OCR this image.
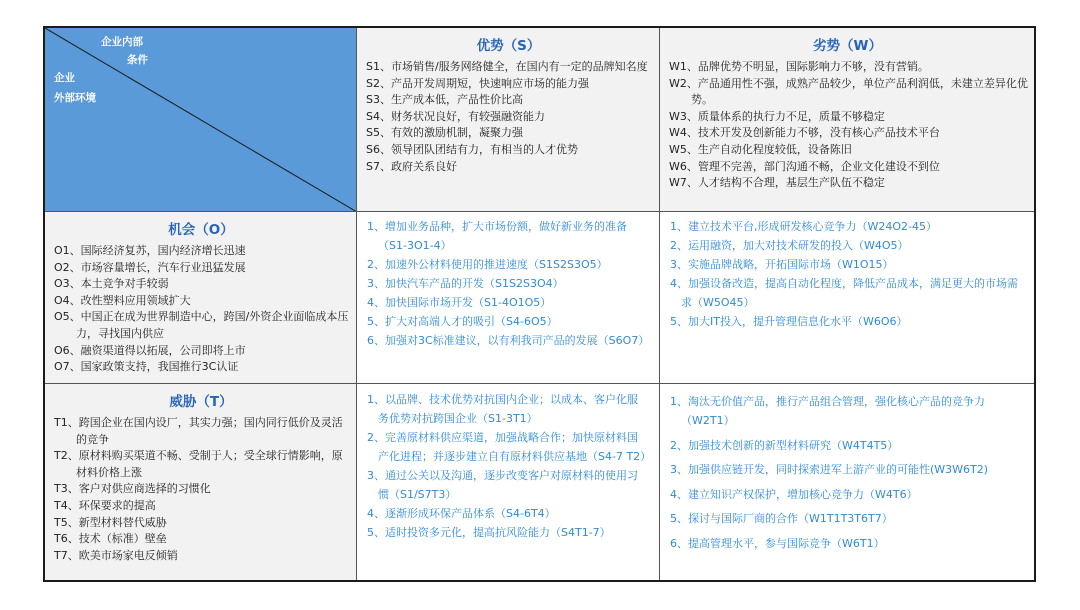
企业内部
条件
企业
外部环境
优势（S）
S1、市场销售/服务网络健全，在国内有一定的品牌知名度
S2、产品开发周期短，快速响应市场的能力强
S3、生产成本低，产品性价比高
S4、财务状况良好，有较强融资能力
S5、有效的激励机制，凝聚力强
S6、领导团队团结有力，有相当的人才优势
S7、政府关系良好
劣势（W）
W1、品牌优势不明显，国际影响力不够，没有营销。
W2、产品通用性不强，成熟产品较少，单位产品利润低，未建立差异化优势。
W3、质量体系的执行力不足，质量不够稳定
W4、技术开发及创新能力不够，没有核心产品技术平台
W5、生产自动化程度较低，设备陈旧
W6、管理不完善，部门沟通不畅，企业文化建设不到位
W7、人才结构不合理，基层生产队伍不稳定
机会（O）
O1、国际经济复苏，国内经济增长迅速
O2、市场容量增长，汽车行业迅猛发展
O3、本土竞争对手较弱
O4、改性塑料应用领域扩大
O5、中国正在成为世界制造中心，跨国/外资企业面临成本压力，寻找国内供应
O6、融资渠道得以拓展，公司即将上市
O7、国家政策支持，我国推行3C认证
1、增加业务品种，扩大市场份额，做好新业务的准备（S1-3O1-4）
2、加速外公材料使用的推进速度（S1S2S3O5）
3、加快汽车产品的开发（S1S2S3O4）
4、加快国际市场开发（S1-4O1O5）
5、扩大对高端人才的吸引（S4-6O5）
6、加强对3C标准建议，以有利我司产品的发展（S6O7）
1、建立技术平台,形成研发核心竞争力（W24O2-45）
2、运用融资，加大对技术研发的投入（W4O5）
3、实施品牌战略，开拓国际市场（W1O15）
4、加强设备改造，提高自动化程度，降低产品成本，满足更大的市场需求（W5O45）
5、加大IT投入，提升管理信息化水平（W6O6）
威胁（T）
T1、跨国企业在国内设厂，其实力强；国内同行低价及灵活的竞争
T2、原材料购买渠道不畅、受制于人；受全球行情影响，原材料价格上涨
T3、客户对供应商选择的习惯化
T4、环保要求的提高
T5、新型材料替代威胁
T6、技术（标准）壁垒
T7、欧美市场家电反倾销
1、以品牌、技术优势对抗国内企业；以成本、客户化服务优势对抗跨国企业（S1-3T1）
2、完善原材料供应渠道，加强战略合作；加快原材料国产化进程；并逐步建立自有原材料供应基地（S4-7 T2）
3、通过公关以及沟通，逐步改变客户对原材料的使用习惯（S1/S7T3）
4、逐渐形成环保产品体系（S4-6T4）
5、适时投资多元化，提高抗风险能力（S4T1-7）
1、淘汰无价值产品，推行产品组合管理，强化核心产品的竞争力（W2T1）
2、加强技术创新的新型材料研究（W4T4T5）
3、加强供应链开发，同时探索进军上游产业的可能性(W3W6T2)
4、建立知识产权保护，增加核心竞争力（W4T6）
5、探讨与国际厂商的合作（W1T1T3T6T7）
6、提高管理水平，参与国际竞争（W6T1）
